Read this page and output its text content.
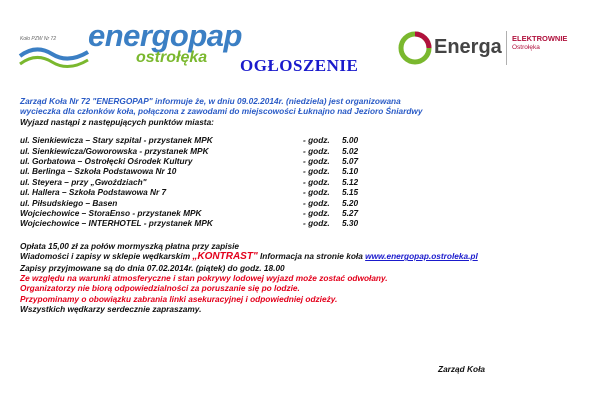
Koło PZW Nr 72 energopap
ostrołęka OGŁOSZENIE
Energa ELEKTROWNIE
Ostrołęka
Zarząd Koła Nr 72 "ENERGOPAP" informuje że, w dniu 09.02.2014r. (niedziela) jest organizowana
wycieczka dla członków koła, połączona z zawodami do miejscowości Łuknajno nad Jeziorо Śniardwy
Wyjazd nastąpi z następujących punktów miasta:
ul. Sienkiewicza – Stary szpital - przystanek MPK	- godz. 5.00
ul. Sienkiewicza/Goworowska - przystanek MPK	- godz. 5.02
ul. Gorbatowa – Ostrołęcki Ośrodek Kultury	- godz. 5.07
ul. Berlinga – Szkoła Podstawowa Nr 10	- godz. 5.10
ul. Steyera – przy „Gwoździach"	- godz. 5.12
ul. Hallera – Szkoła Podstawowa Nr 7	- godz. 5.15
ul. Piłsudskiego – Basen	- godz. 5.20
Wojciechowice – StoraEnso - przystanek MPK	- godz. 5.27
Wojciechowice – INTERHOTEL - przystanek MPK	- godz. 5.30
Opłata 15,00 zł za połów mormyszką płatna przy zapisie
Wiadomości i zapisy w sklepie wędkarskim „KONTRAST" Informacja na stronie koła www.energopap.ostroleka.pl
Zapisy przyjmowane są do dnia 07.02.2014r. (piątek) do godz. 18.00
Ze względu na warunki atmosferyczne i stan pokrywy lodowej wyjazd może zostać odwołany.
Organizatorzy nie biorą odpowiedzialności za poruszanie się po lodzie.
Przypominamy o obowiązku zabrania linki asekuracyjnej i odpowiedniej odzieży.
Wszystkich wędkarzy serdecznie zapraszamy.
Zarząd Koła
